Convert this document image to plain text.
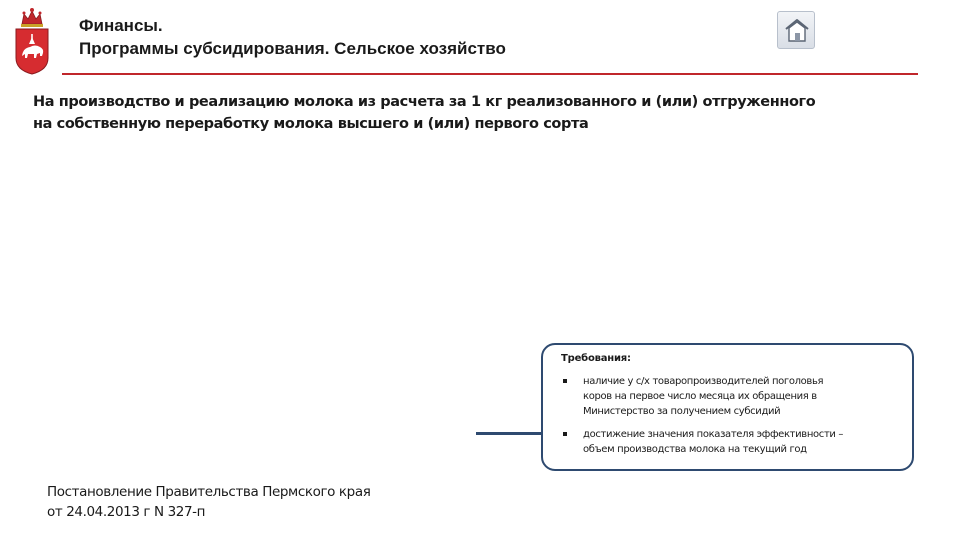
Финансы.
Программы субсидирования. Сельское хозяйство
На производство и реализацию молока из расчета за 1 кг реализованного и (или) отгруженного
на собственную переработку молока высшего и (или) первого сорта
Требования:
наличие у с/х товаропроизводителей поголовья
коров на первое число месяца их обращения в
Министерство за получением субсидий
достижение значения показателя эффективности –
объем производства молока на текущий год
Постановление Правительства Пермского края
от 24.04.2013 г N 327-п
